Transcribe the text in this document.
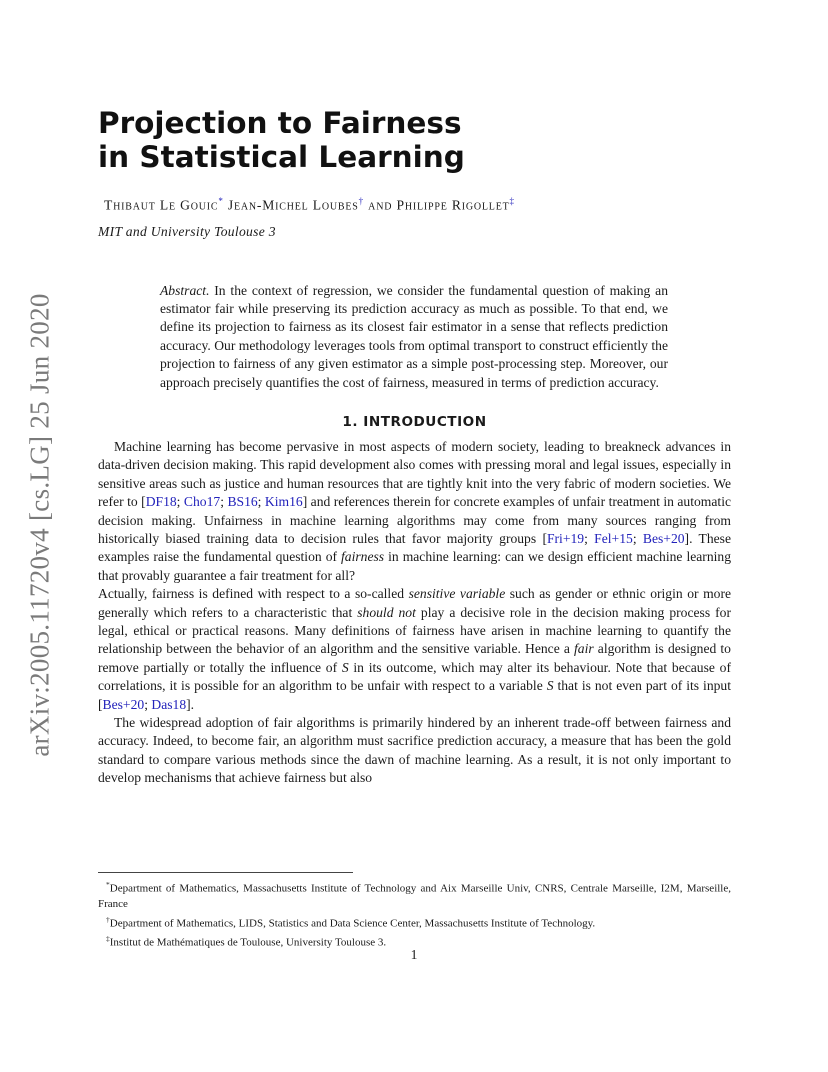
arXiv:2005.11720v4 [cs.LG] 25 Jun 2020
Projection to Fairness
in Statistical Learning
Thibaut Le Gouic* Jean-Michel Loubes† and Philippe Rigollet‡
MIT and University Toulouse 3
Abstract. In the context of regression, we consider the fundamental question of making an estimator fair while preserving its prediction accuracy as much as possible. To that end, we define its projection to fairness as its closest fair estimator in a sense that reflects prediction accuracy. Our methodology leverages tools from optimal transport to construct efficiently the projection to fairness of any given estimator as a simple post-processing step. Moreover, our approach precisely quantifies the cost of fairness, measured in terms of prediction accuracy.
1. INTRODUCTION

Machine learning has become pervasive in most aspects of modern society, leading to breakneck advances in data-driven decision making. This rapid development also comes with pressing moral and legal issues, especially in sensitive areas such as justice and human resources that are tightly knit into the very fabric of modern societies. We refer to [DF18; Cho17; BS16; Kim16] and references therein for concrete examples of unfair treatment in automatic decision making. Unfairness in machine learning algorithms may come from many sources ranging from historically biased training data to decision rules that favor majority groups [Fri+19; Fel+15; Bes+20]. These examples raise the fundamental question of fairness in machine learning: can we design efficient machine learning that provably guarantee a fair treatment for all?

Actually, fairness is defined with respect to a so-called sensitive variable such as gender or ethnic origin or more generally which refers to a characteristic that should not play a decisive role in the decision making process for legal, ethical or practical reasons. Many definitions of fairness have arisen in machine learning to quantify the relationship between the behavior of an algorithm and the sensitive variable. Hence a fair algorithm is designed to remove partially or totally the influence of S in its outcome, which may alter its behaviour. Note that because of correlations, it is possible for an algorithm to be unfair with respect to a variable S that is not even part of its input [Bes+20; Das18].

The widespread adoption of fair algorithms is primarily hindered by an inherent trade-off between fairness and accuracy. Indeed, to become fair, an algorithm must sacrifice prediction accuracy, a measure that has been the gold standard to compare various methods since the dawn of machine learning. As a result, it is not only important to develop mechanisms that achieve fairness but also

*Department of Mathematics, Massachusetts Institute of Technology and Aix Marseille Univ, CNRS, Centrale Marseille, I2M, Marseille, France

†Department of Mathematics, LIDS, Statistics and Data Science Center, Massachusetts Institute of Technology.

‡Institut de Mathématiques de Toulouse, University Toulouse 3.

1
